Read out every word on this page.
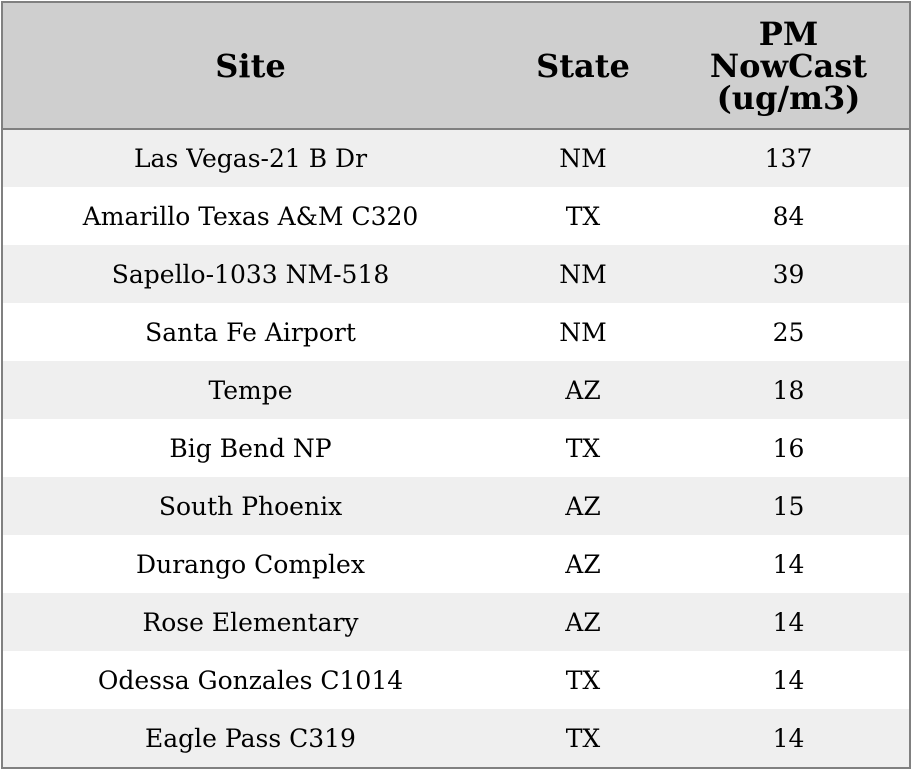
Site	State	PM
NowCast
(ug/m3)

Las Vegas-21 B Dr	NM	137
Amarillo Texas A&M C320	TX	84
Sapello-1033 NM-518	NM	39
Santa Fe Airport	NM	25
Tempe	AZ	18
Big Bend NP	TX	16
South Phoenix	AZ	15
Durango Complex	AZ	14
Rose Elementary	AZ	14
Odessa Gonzales C1014	TX	14
Eagle Pass C319	TX	14
